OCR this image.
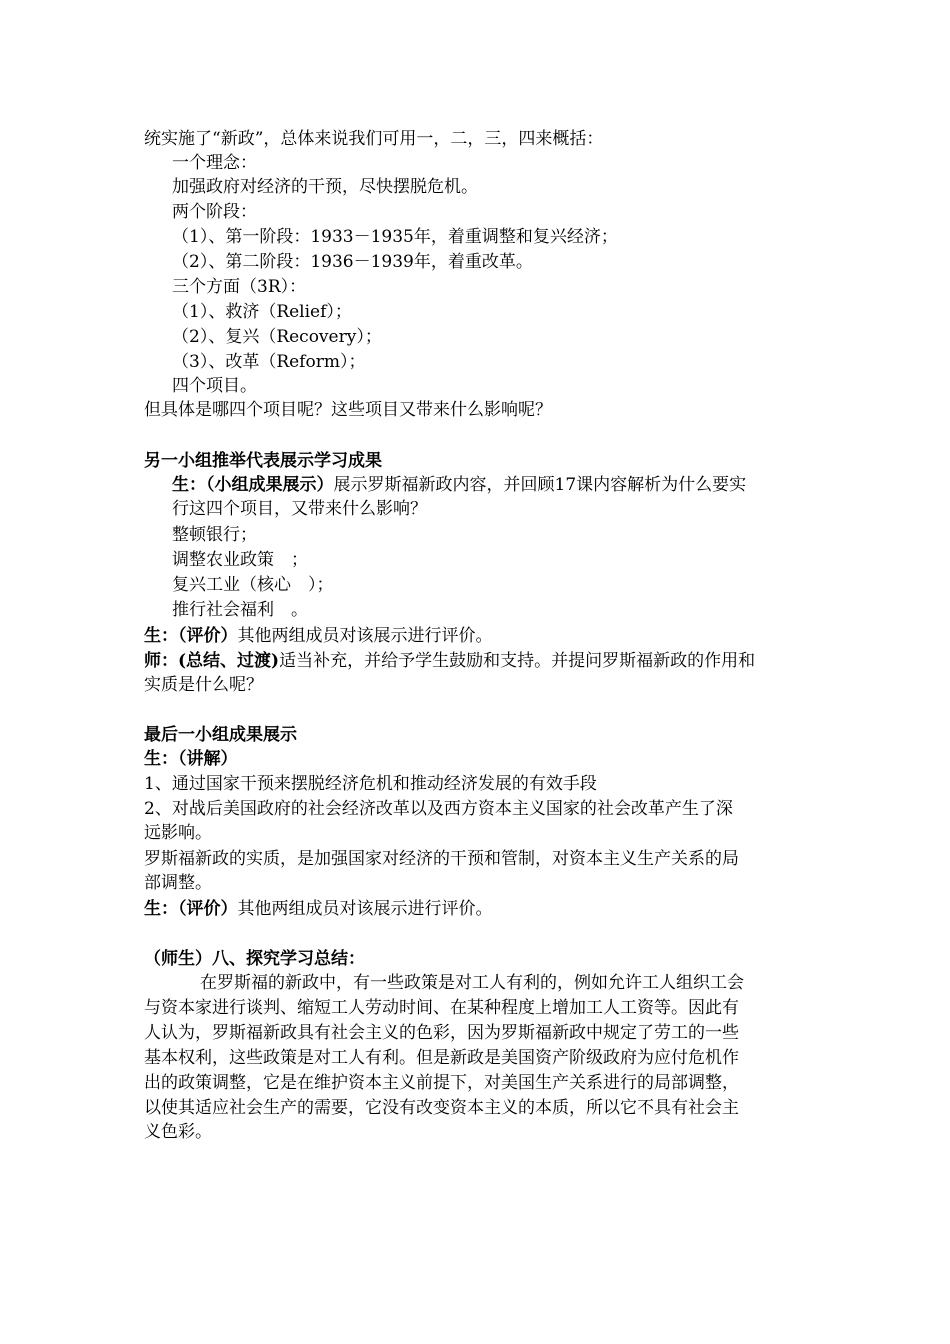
统实施了“新政”，总体来说我们可用一，二，三，四来概括：
一个理念：
加强政府对经济的干预，尽快摆脱危机。
两个阶段：
（1）、第一阶段：1933－1935年，着重调整和复兴经济；
（2）、第二阶段：1936－1939年，着重改革。
三个方面（3R）：
（1）、救济（Relief）；
（2）、复兴（Recovery）；
（3）、改革（Reform）；
四个项目。
但具体是哪四个项目呢？这些项目又带来什么影响呢？
另一小组推举代表展示学习成果
生：（小组成果展示）展示罗斯福新政内容，并回顾17课内容解析为什么要实
行这四个项目，又带来什么影响？
整顿银行；
调整农业政策　；
复兴工业（核心　）；
推行社会福利　。
生：（评价）其他两组成员对该展示进行评价。
师：(总结、过渡)适当补充，并给予学生鼓励和支持。并提问罗斯福新政的作用和
实质是什么呢？
最后一小组成果展示
生：（讲解）
1、通过国家干预来摆脱经济危机和推动经济发展的有效手段
2、对战后美国政府的社会经济改革以及西方资本主义国家的社会改革产生了深
远影响。
罗斯福新政的实质，是加强国家对经济的干预和管制，对资本主义生产关系的局
部调整。
生：（评价）其他两组成员对该展示进行评价。
（师生）八、探究学习总结：
在罗斯福的新政中，有一些政策是对工人有利的，例如允许工人组织工会
与资本家进行谈判、缩短工人劳动时间、在某种程度上增加工人工资等。因此有
人认为，罗斯福新政具有社会主义的色彩，因为罗斯福新政中规定了劳工的一些
基本权利，这些政策是对工人有利。但是新政是美国资产阶级政府为应付危机作
出的政策调整，它是在维护资本主义前提下，对美国生产关系进行的局部调整，
以使其适应社会生产的需要，它没有改变资本主义的本质，所以它不具有社会主
义色彩。
